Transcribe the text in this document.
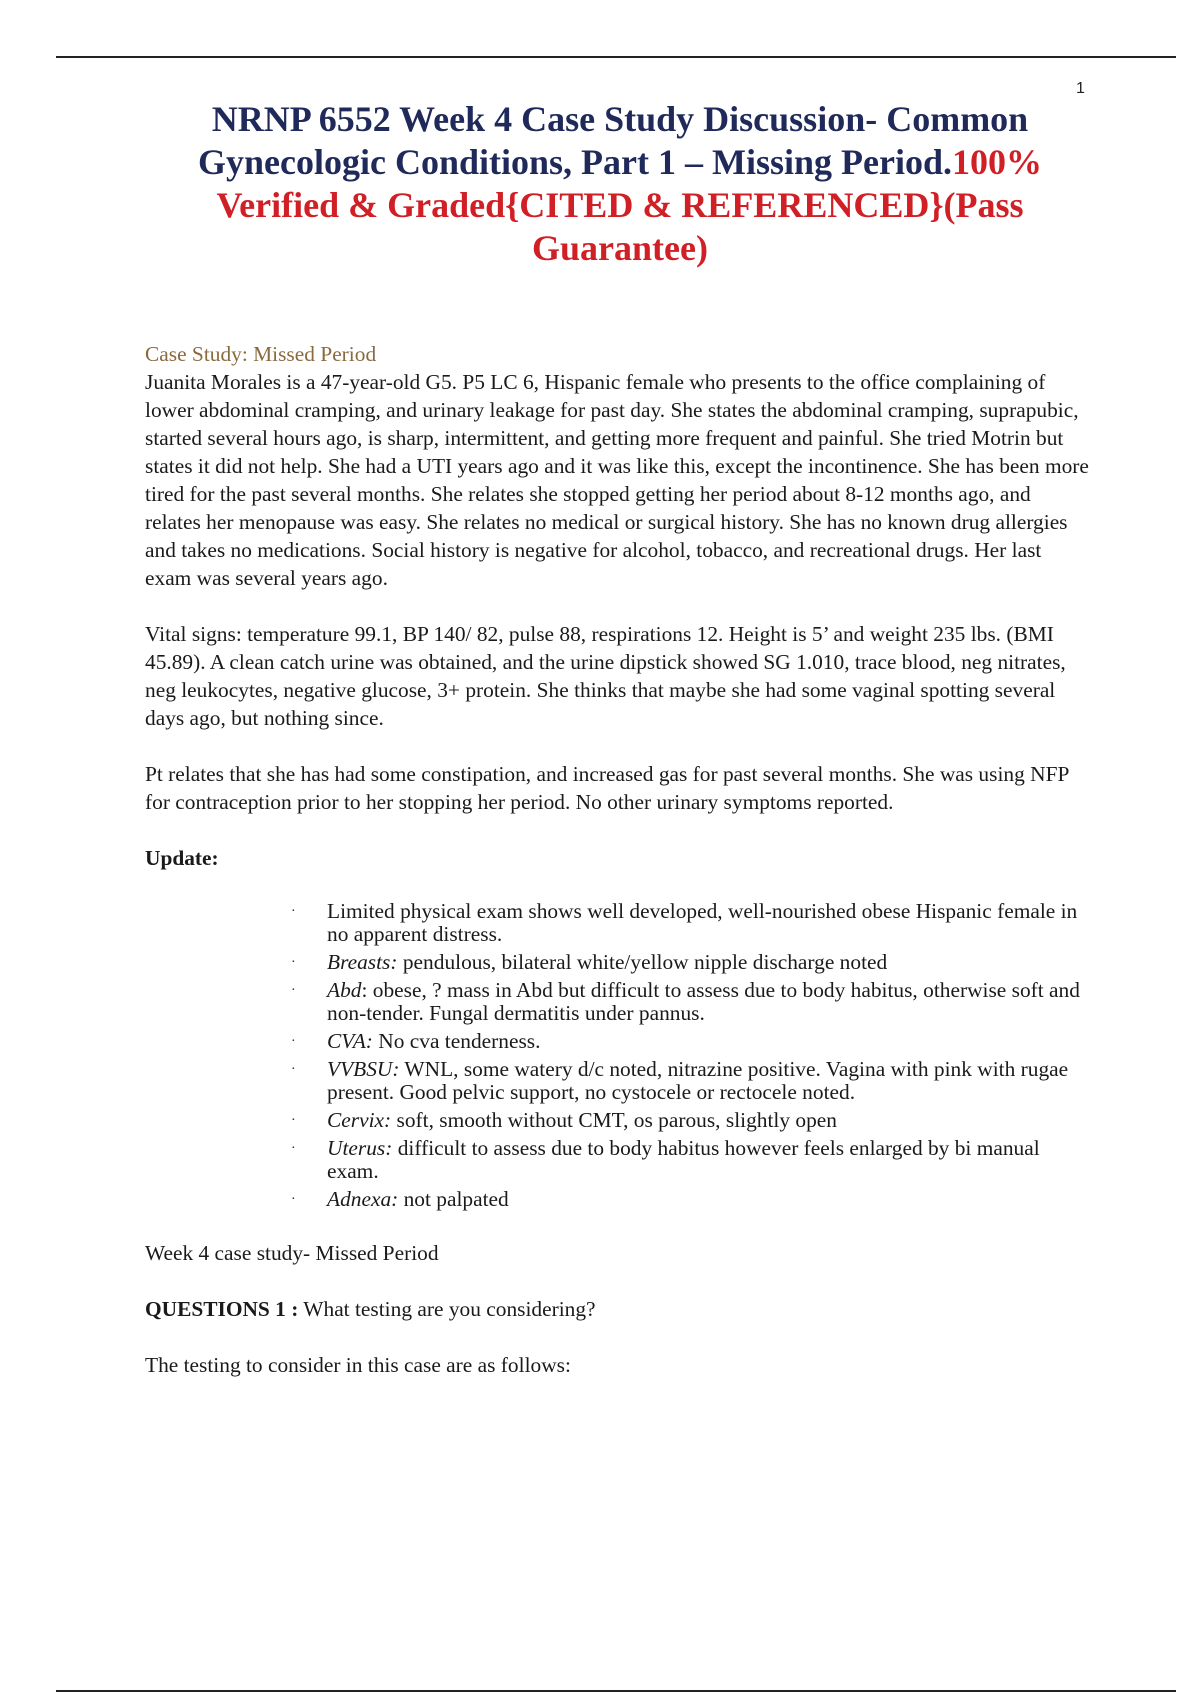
1
NRNP 6552 Week 4 Case Study Discussion- Common Gynecologic Conditions, Part 1 – Missing Period.100% Verified & Graded{CITED & REFERENCED}(Pass Guarantee)
Case Study: Missed Period

Juanita Morales is a 47-year-old G5. P5 LC 6, Hispanic female who presents to the office complaining of lower abdominal cramping, and urinary leakage for past day. She states the abdominal cramping, suprapubic, started several hours ago, is sharp, intermittent, and getting more frequent and painful. She tried Motrin but states it did not help. She had a UTI years ago and it was like this, except the incontinence. She has been more tired for the past several months. She relates she stopped getting her period about 8-12 months ago, and relates her menopause was easy. She relates no medical or surgical history. She has no known drug allergies and takes no medications. Social history is negative for alcohol, tobacco, and recreational drugs. Her last exam was several years ago.

Vital signs: temperature 99.1, BP 140/ 82, pulse 88, respirations 12. Height is 5’ and weight 235 lbs. (BMI 45.89). A clean catch urine was obtained, and the urine dipstick showed SG 1.010, trace blood, neg nitrates, neg leukocytes, negative glucose, 3+ protein. She thinks that maybe she had some vaginal spotting several days ago, but nothing since.

Pt relates that she has had some constipation, and increased gas for past several months. She was using NFP for contraception prior to her stopping her period. No other urinary symptoms reported.

Update:
· Limited physical exam shows well developed, well-nourished obese Hispanic female in no apparent distress.
· Breasts: pendulous, bilateral white/yellow nipple discharge noted
· Abd: obese, ? mass in Abd but difficult to assess due to body habitus, otherwise soft and non-tender. Fungal dermatitis under pannus.
· CVA: No cva tenderness.
· VVBSU: WNL, some watery d/c noted, nitrazine positive. Vagina with pink with rugae present. Good pelvic support, no cystocele or rectocele noted.
· Cervix: soft, smooth without CMT, os parous, slightly open
· Uterus: difficult to assess due to body habitus however feels enlarged by bi manual exam.
· Adnexa: not palpated

Week 4 case study- Missed Period

QUESTIONS 1 : What testing are you considering?

The testing to consider in this case are as follows:
